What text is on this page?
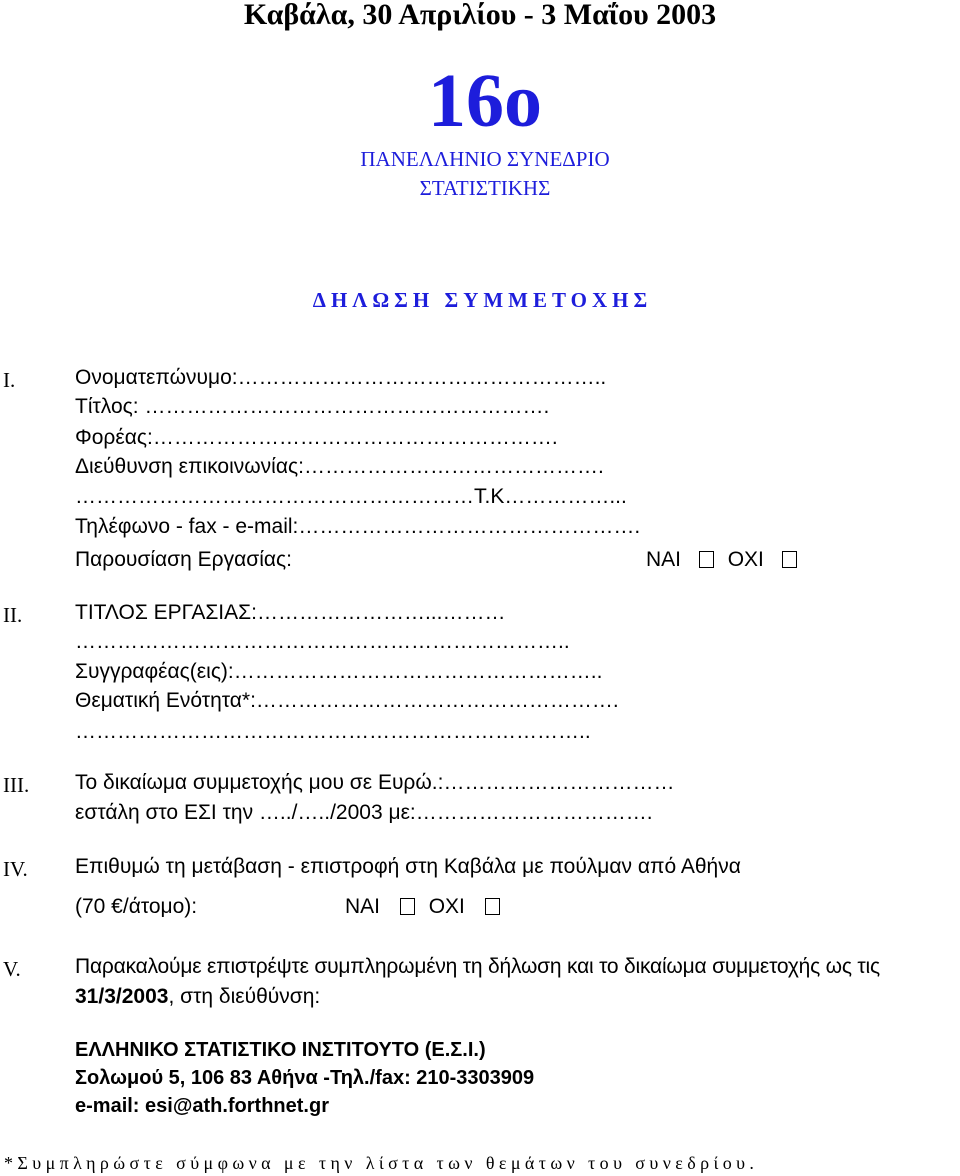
Καβάλα, 30 Απριλίου - 3 Μαΐου 2003
16ο
ΠΑΝΕΛΛΗΝΙΟ ΣΥΝΕΔΡΙΟ
ΣΤΑΤΙΣΤΙΚΗΣ
ΔΗΛΩΣΗ ΣΥΜΜΕΤΟΧΗΣ
I.	Ονοματεπώνυμο:……………………………………………..
Τίτλος: ………………………………………………….
Φορέας:………………………………………………….
Διεύθυνση επικοινωνίας:…………………………………….
…………………………………………………T.K……………...
Τηλέφωνο - fax - e-mail:………………………………………….
Παρουσίαση Εργασίας:	ΝΑΙ ΟΧΙ
II.	ΤΙΤΛΟΣ ΕΡΓΑΣΙΑΣ:……………………...………
……………………………………………………………..
Συγγραφέας(εις):……………………………………………..
Θεματική Ενότητα*:…………………………………………….
………………………………………………………………..
III. Το δικαίωμα συμμετοχής μου σε Ευρώ.:……………………………
εστάλη στο ΕΣΙ την …../…../2003 με:…………………………….
IV. Επιθυμώ τη μετάβαση - επιστροφή στη Καβάλα με πούλμαν από Αθήνα
(70 €/άτομο):	ΝΑΙ ΟΧΙ
V.	Παρακαλούμε επιστρέψτε συμπληρωμένη τη δήλωση και το δικαίωμα συμμετοχής ως τις
31/3/2003, στη διεύθύνση:
ΕΛΛΗΝΙΚΟ ΣΤΑΤΙΣΤΙΚΟ ΙΝΣΤΙΤΟΥΤΟ (Ε.Σ.Ι.)
Σολωμού 5, 106 83 Αθήνα -Τηλ./fax: 210-3303909
e-mail: esi@ath.forthnet.gr
*Συμπληρώστε σύμφωνα με την λίστα των θεμάτων του συνεδρίου.
